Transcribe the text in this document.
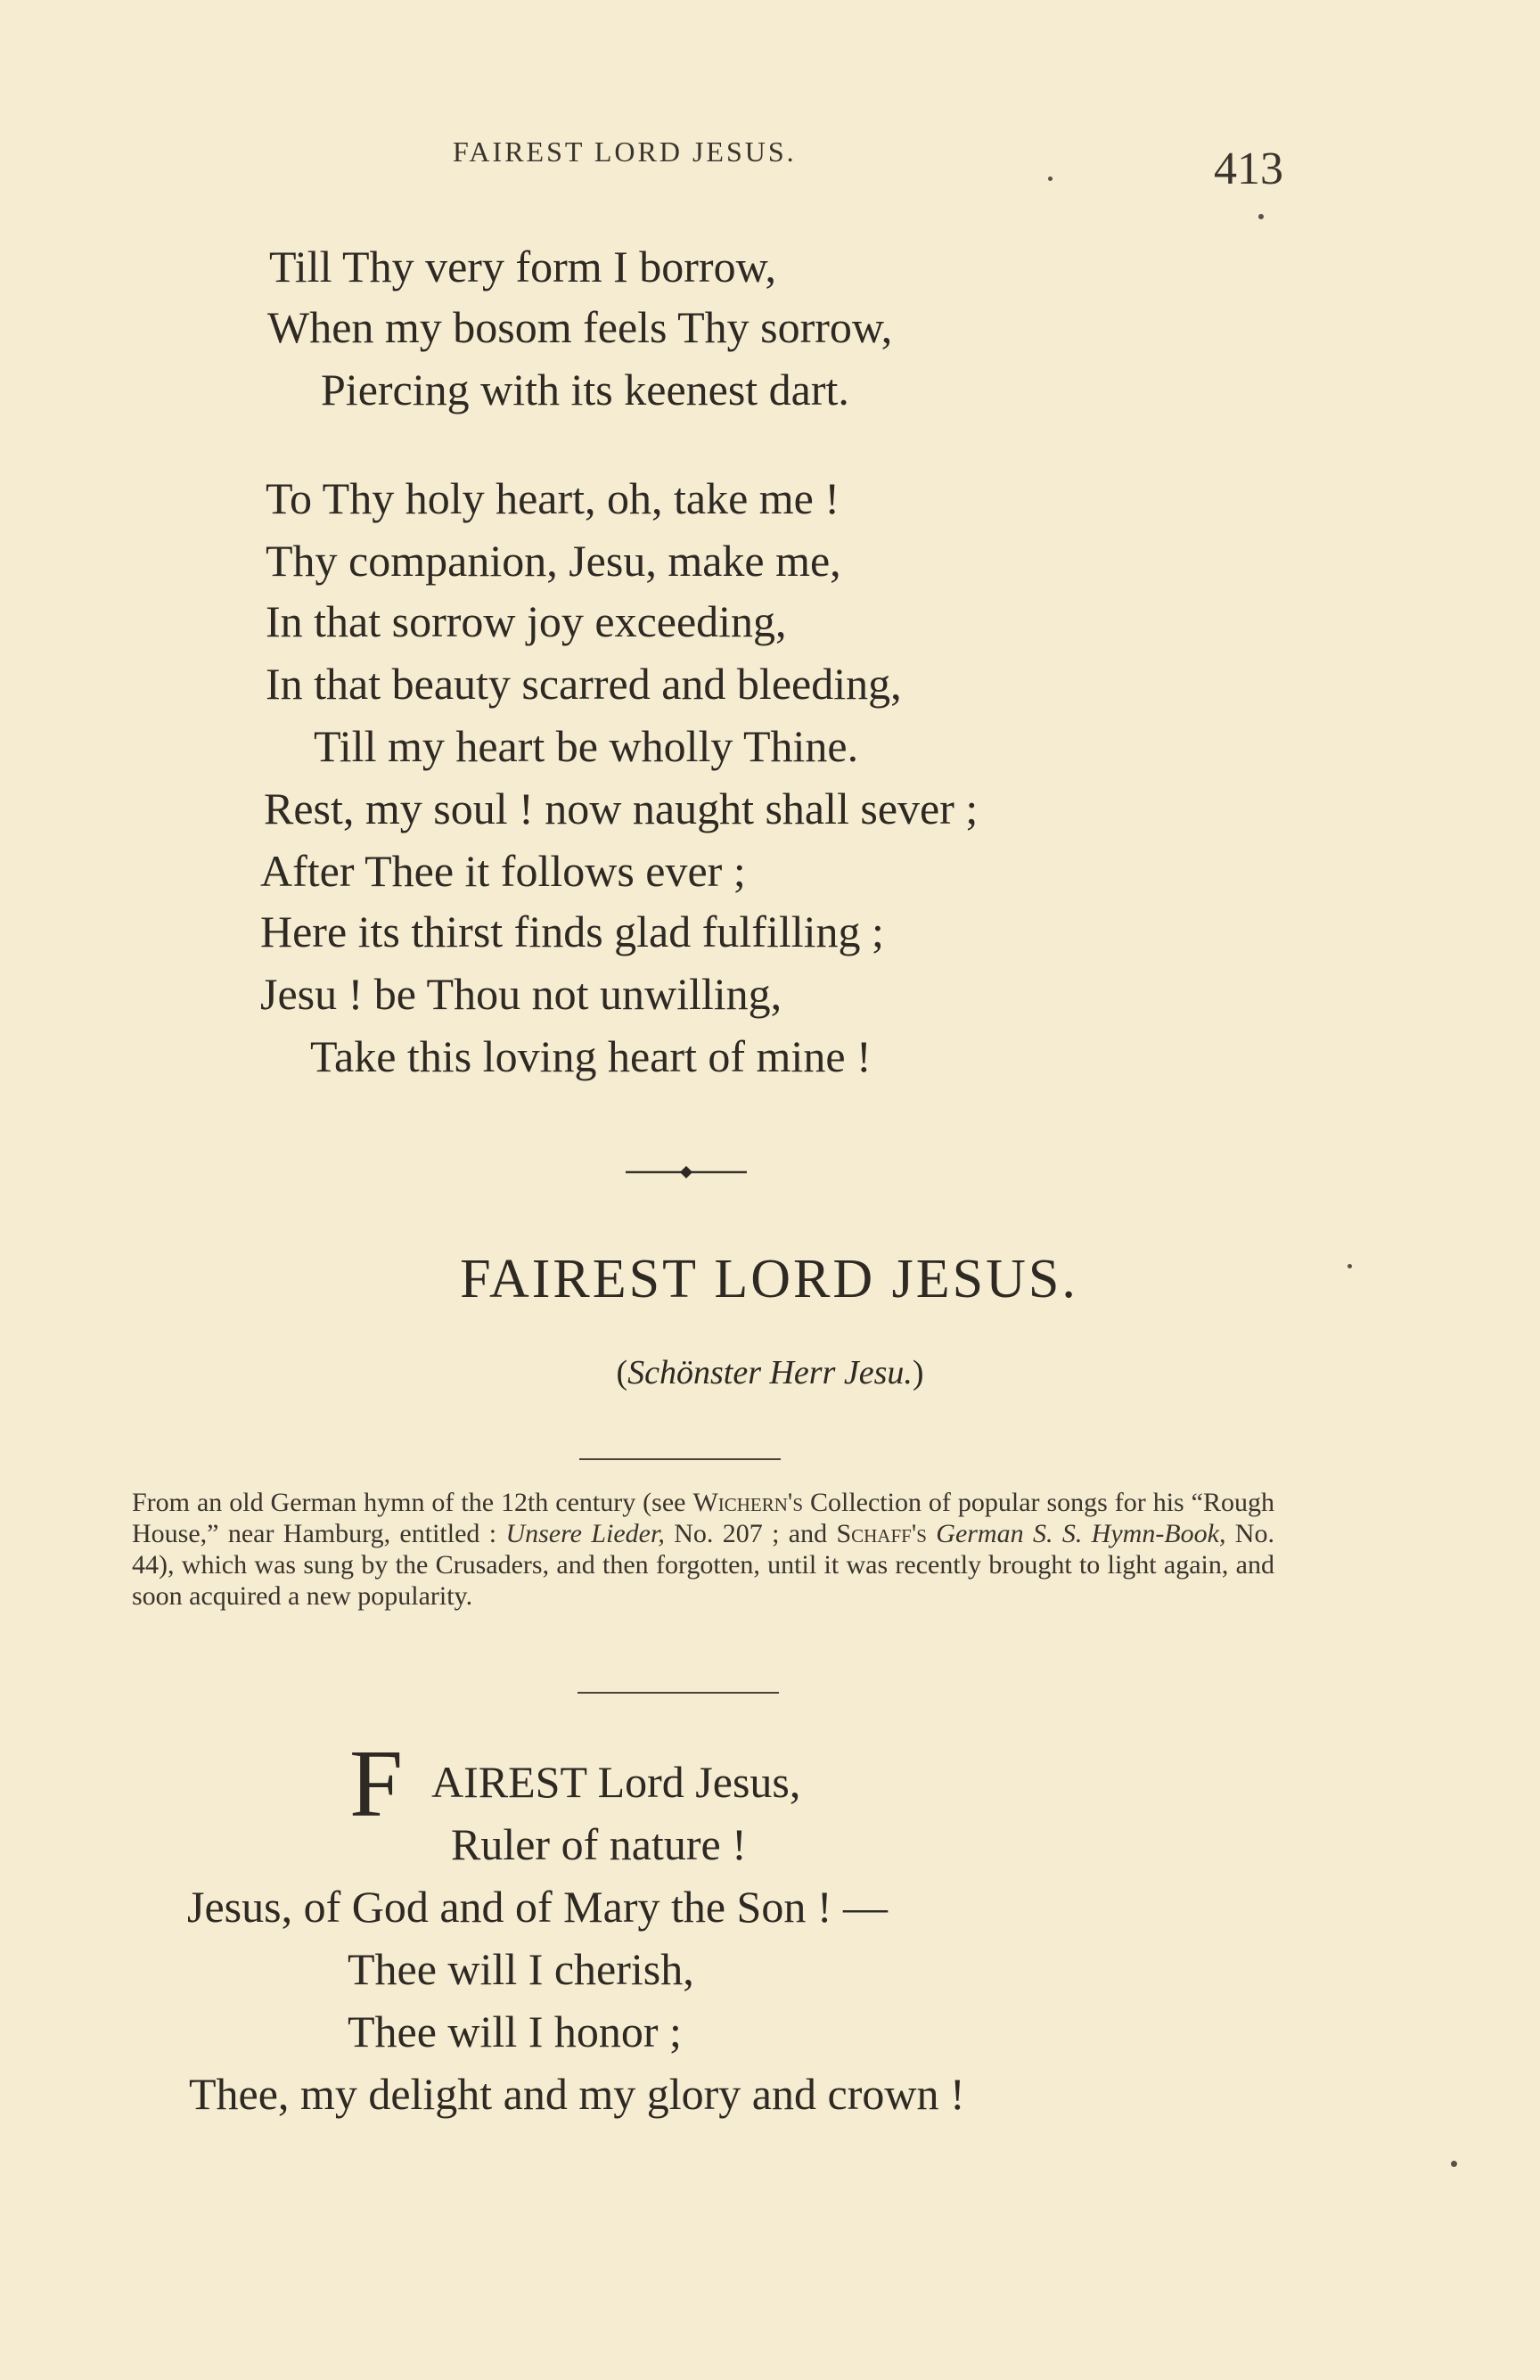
FAIREST LORD JESUS.	413
Till Thy very form I borrow,
When my bosom feels Thy sorrow,
Piercing with its keenest dart.
To Thy holy heart, oh, take me !
Thy companion, Jesu, make me,
In that sorrow joy exceeding,
In that beauty scarred and bleeding,
Till my heart be wholly Thine.
Rest, my soul ! now naught shall sever ;
After Thee it follows ever ;
Here its thirst finds glad fulfilling ;
Jesu ! be Thou not unwilling,
Take this loving heart of mine !
FAIREST LORD JESUS.
(Schönster Herr Jesu.)
From an old German hymn of the 12th century (see Wichern's Collection of popular songs for his “Rough House,” near Hamburg, entitled : Unsere Lieder, No. 207 ; and Schaff's German S. S. Hymn-Book, No. 44), which was sung by the Crusaders, and then forgotten, until it was recently brought to light again, and soon acquired a new popularity.
F AIREST Lord Jesus,
Ruler of nature !
Jesus, of God and of Mary the Son ! —
Thee will I cherish,
Thee will I honor ;
Thee, my delight and my glory and crown !
